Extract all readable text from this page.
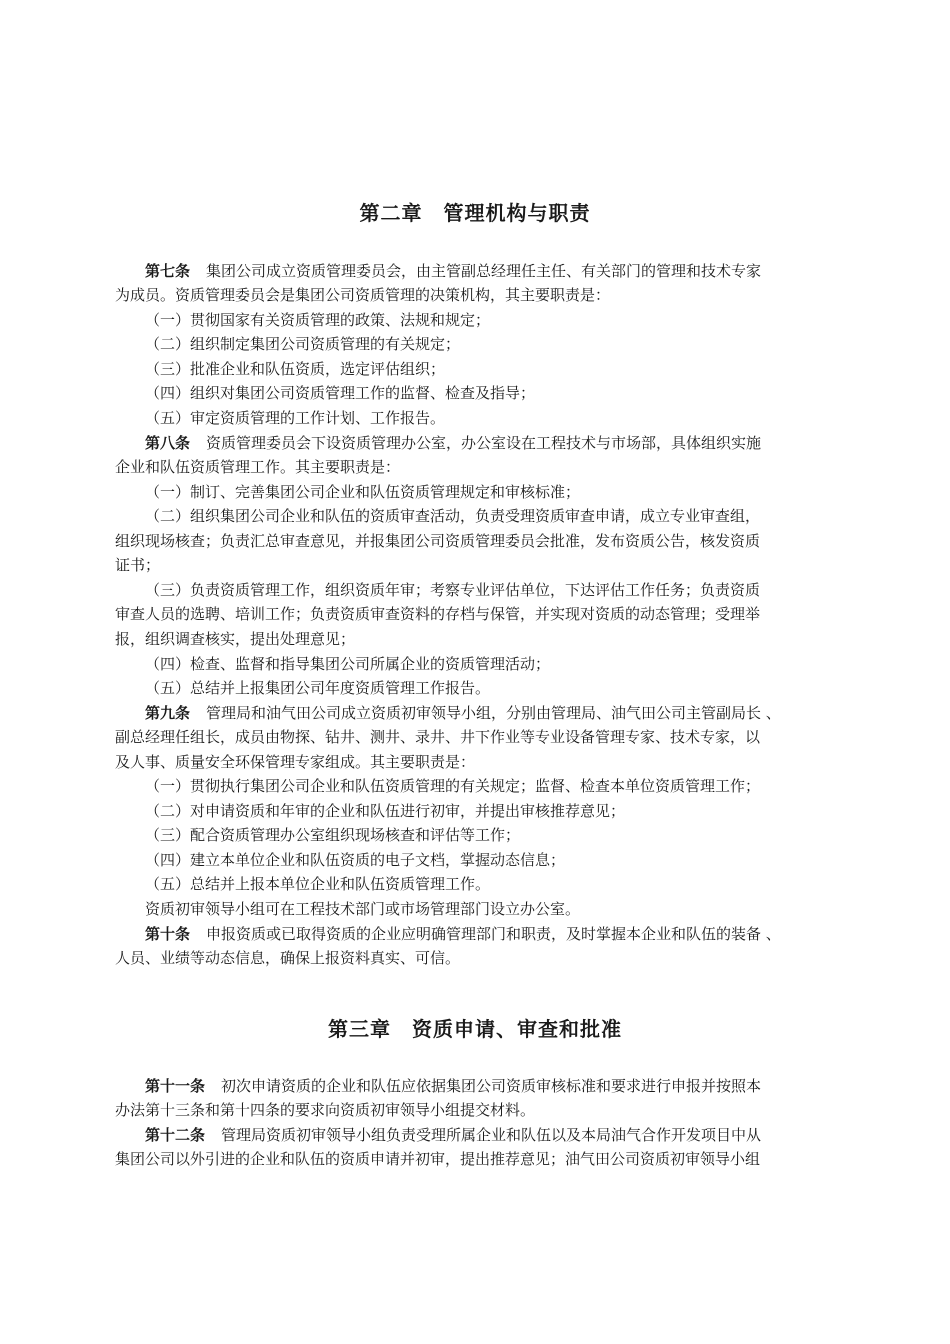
第二章　管理机构与职责
第七条 集团公司成立资质管理委员会，由主管副总经理任主任、有关部门的管理和技术专家
为成员。资质管理委员会是集团公司资质管理的决策机构，其主要职责是：
（一）贯彻国家有关资质管理的政策、法规和规定；
（二）组织制定集团公司资质管理的有关规定；
（三）批准企业和队伍资质，选定评估组织；
（四）组织对集团公司资质管理工作的监督、检查及指导；
（五）审定资质管理的工作计划、工作报告。
第八条 资质管理委员会下设资质管理办公室，办公室设在工程技术与市场部，具体组织实施
企业和队伍资质管理工作。其主要职责是：
（一）制订、完善集团公司企业和队伍资质管理规定和审核标准；
（二）组织集团公司企业和队伍的资质审查活动，负责受理资质审查申请，成立专业审查组，
组织现场核查；负责汇总审查意见，并报集团公司资质管理委员会批准，发布资质公告，核发资质
证书；
（三）负责资质管理工作，组织资质年审；考察专业评估单位，下达评估工作任务；负责资质
审查人员的选聘、培训工作；负责资质审查资料的存档与保管，并实现对资质的动态管理；受理举
报，组织调查核实，提出处理意见；
（四）检查、监督和指导集团公司所属企业的资质管理活动；
（五）总结并上报集团公司年度资质管理工作报告。
第九条 管理局和油气田公司成立资质初审领导小组，分别由管理局、油气田公司主管副局长 、
副总经理任组长，成员由物探、钻井、测井、录井、井下作业等专业设备管理专家、技术专家，以
及人事、质量安全环保管理专家组成。其主要职责是：
（一）贯彻执行集团公司企业和队伍资质管理的有关规定；监督、检查本单位资质管理工作；
（二）对申请资质和年审的企业和队伍进行初审，并提出审核推荐意见；
（三）配合资质管理办公室组织现场核查和评估等工作；
（四）建立本单位企业和队伍资质的电子文档，掌握动态信息；
（五）总结并上报本单位企业和队伍资质管理工作。
资质初审领导小组可在工程技术部门或市场管理部门设立办公室。
第十条 申报资质或已取得资质的企业应明确管理部门和职责，及时掌握本企业和队伍的装备 、
人员、业绩等动态信息，确保上报资料真实、可信。
第三章　资质申请、审查和批准
第十一条 初次申请资质的企业和队伍应依据集团公司资质审核标准和要求进行申报并按照本
办法第十三条和第十四条的要求向资质初审领导小组提交材料。
第十二条 管理局资质初审领导小组负责受理所属企业和队伍以及本局油气合作开发项目中从
集团公司以外引进的企业和队伍的资质申请并初审，提出推荐意见；油气田公司资质初审领导小组
